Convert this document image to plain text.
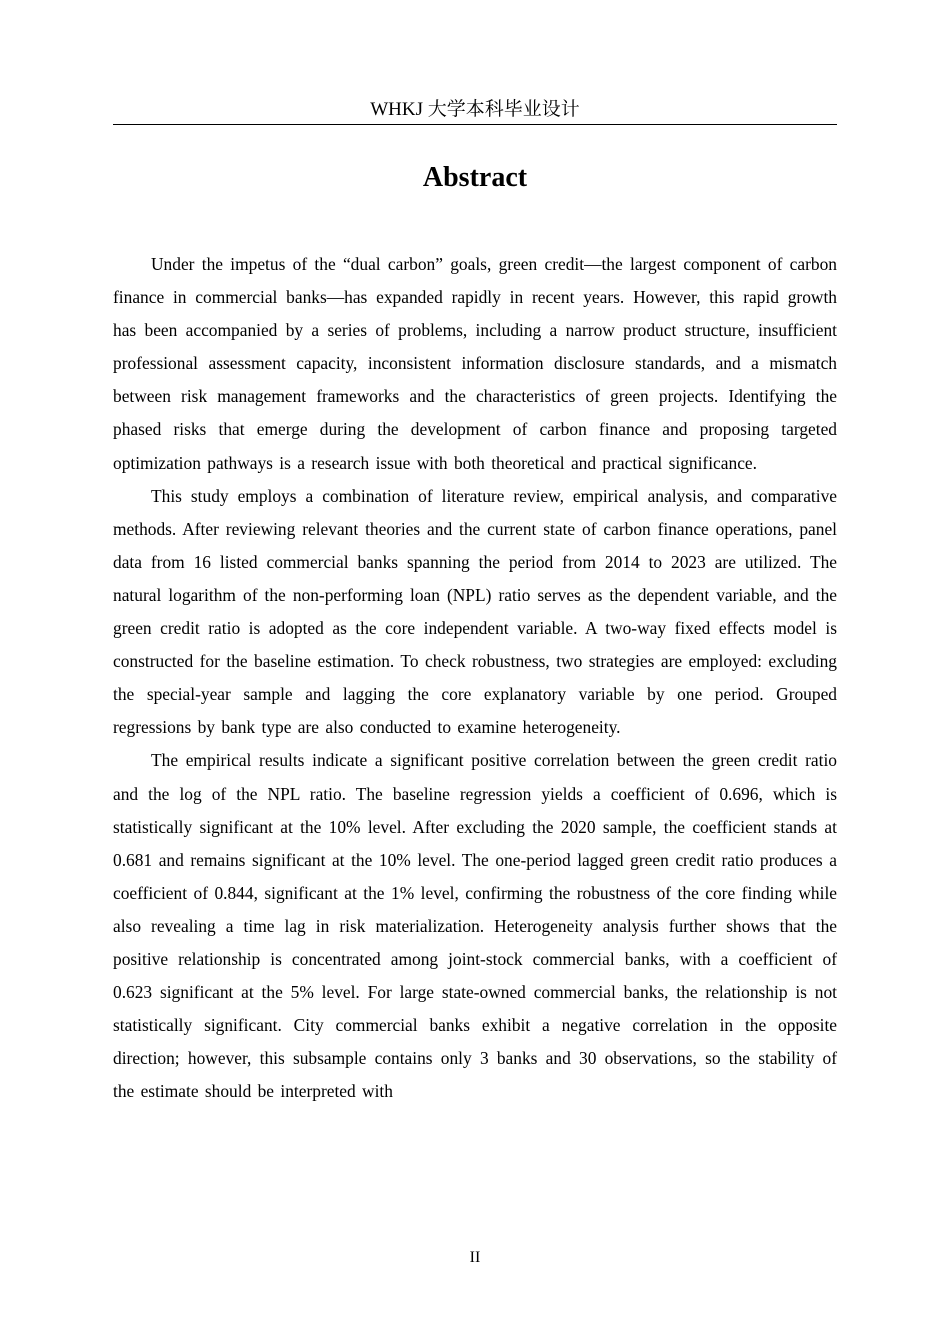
WHKJ 大学本科毕业设计
Abstract

Under the impetus of the “dual carbon” goals, green credit—the largest component of carbon finance in commercial banks—has expanded rapidly in recent years. However, this rapid growth has been accompanied by a series of problems, including a narrow product structure, insufficient professional assessment capacity, inconsistent information disclosure standards, and a mismatch between risk management frameworks and the characteristics of green projects. Identifying the phased risks that emerge during the development of carbon finance and proposing targeted optimization pathways is a research issue with both theoretical and practical significance.

This study employs a combination of literature review, empirical analysis, and comparative methods. After reviewing relevant theories and the current state of carbon finance operations, panel data from 16 listed commercial banks spanning the period from 2014 to 2023 are utilized. The natural logarithm of the non-performing loan (NPL) ratio serves as the dependent variable, and the green credit ratio is adopted as the core independent variable. A two-way fixed effects model is constructed for the baseline estimation. To check robustness, two strategies are employed: excluding the special-year sample and lagging the core explanatory variable by one period. Grouped regressions by bank type are also conducted to examine heterogeneity.

The empirical results indicate a significant positive correlation between the green credit ratio and the log of the NPL ratio. The baseline regression yields a coefficient of 0.696, which is statistically significant at the 10% level. After excluding the 2020 sample, the coefficient stands at 0.681 and remains significant at the 10% level. The one-period lagged green credit ratio produces a coefficient of 0.844, significant at the 1% level, confirming the robustness of the core finding while also revealing a time lag in risk materialization. Heterogeneity analysis further shows that the positive relationship is concentrated among joint-stock commercial banks, with a coefficient of 0.623 significant at the 5% level. For large state-owned commercial banks, the relationship is not statistically significant. City commercial banks exhibit a negative correlation in the opposite direction; however, this subsample contains only 3 banks and 30 observations, so the stability of the estimate should be interpreted with

II
